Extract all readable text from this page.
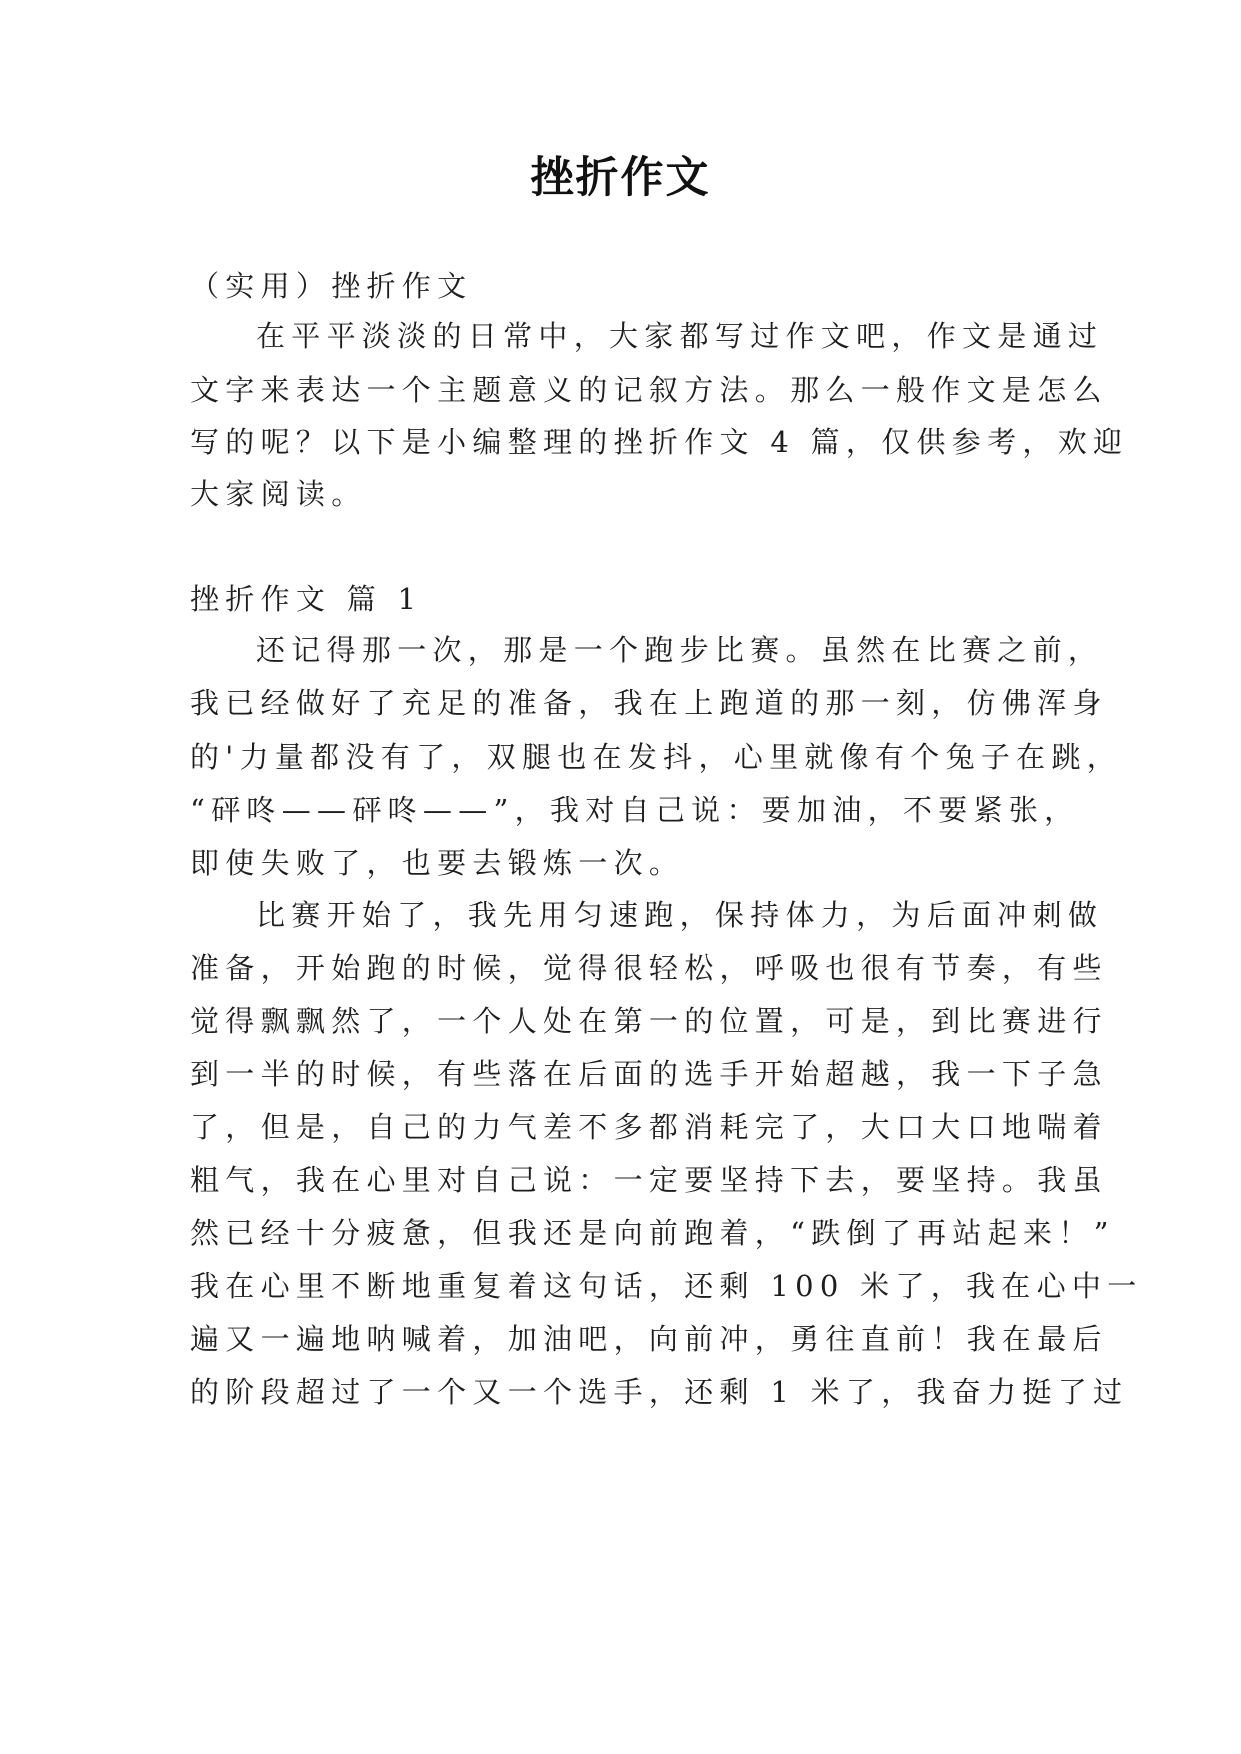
挫折作文
（实用）挫折作文
在平平淡淡的日常中，大家都写过作文吧，作文是通过
文字来表达一个主题意义的记叙方法。那么一般作文是怎么
写的呢？以下是小编整理的挫折作文 4 篇，仅供参考，欢迎
大家阅读。
挫折作文 篇 1
还记得那一次，那是一个跑步比赛。虽然在比赛之前，
我已经做好了充足的准备，我在上跑道的那一刻，仿佛浑身
的'力量都没有了，双腿也在发抖，心里就像有个兔子在跳，
“砰咚——砰咚——”，我对自己说：要加油，不要紧张，
即使失败了，也要去锻炼一次。
比赛开始了，我先用匀速跑，保持体力，为后面冲刺做
准备，开始跑的时候，觉得很轻松，呼吸也很有节奏，有些
觉得飘飘然了，一个人处在第一的位置，可是，到比赛进行
到一半的时候，有些落在后面的选手开始超越，我一下子急
了，但是，自己的力气差不多都消耗完了，大口大口地喘着
粗气，我在心里对自己说：一定要坚持下去，要坚持。我虽
然已经十分疲惫，但我还是向前跑着，“跌倒了再站起来！”
我在心里不断地重复着这句话，还剩 100 米了，我在心中一
遍又一遍地呐喊着，加油吧，向前冲，勇往直前！我在最后
的阶段超过了一个又一个选手，还剩 1 米了，我奋力挺了过
